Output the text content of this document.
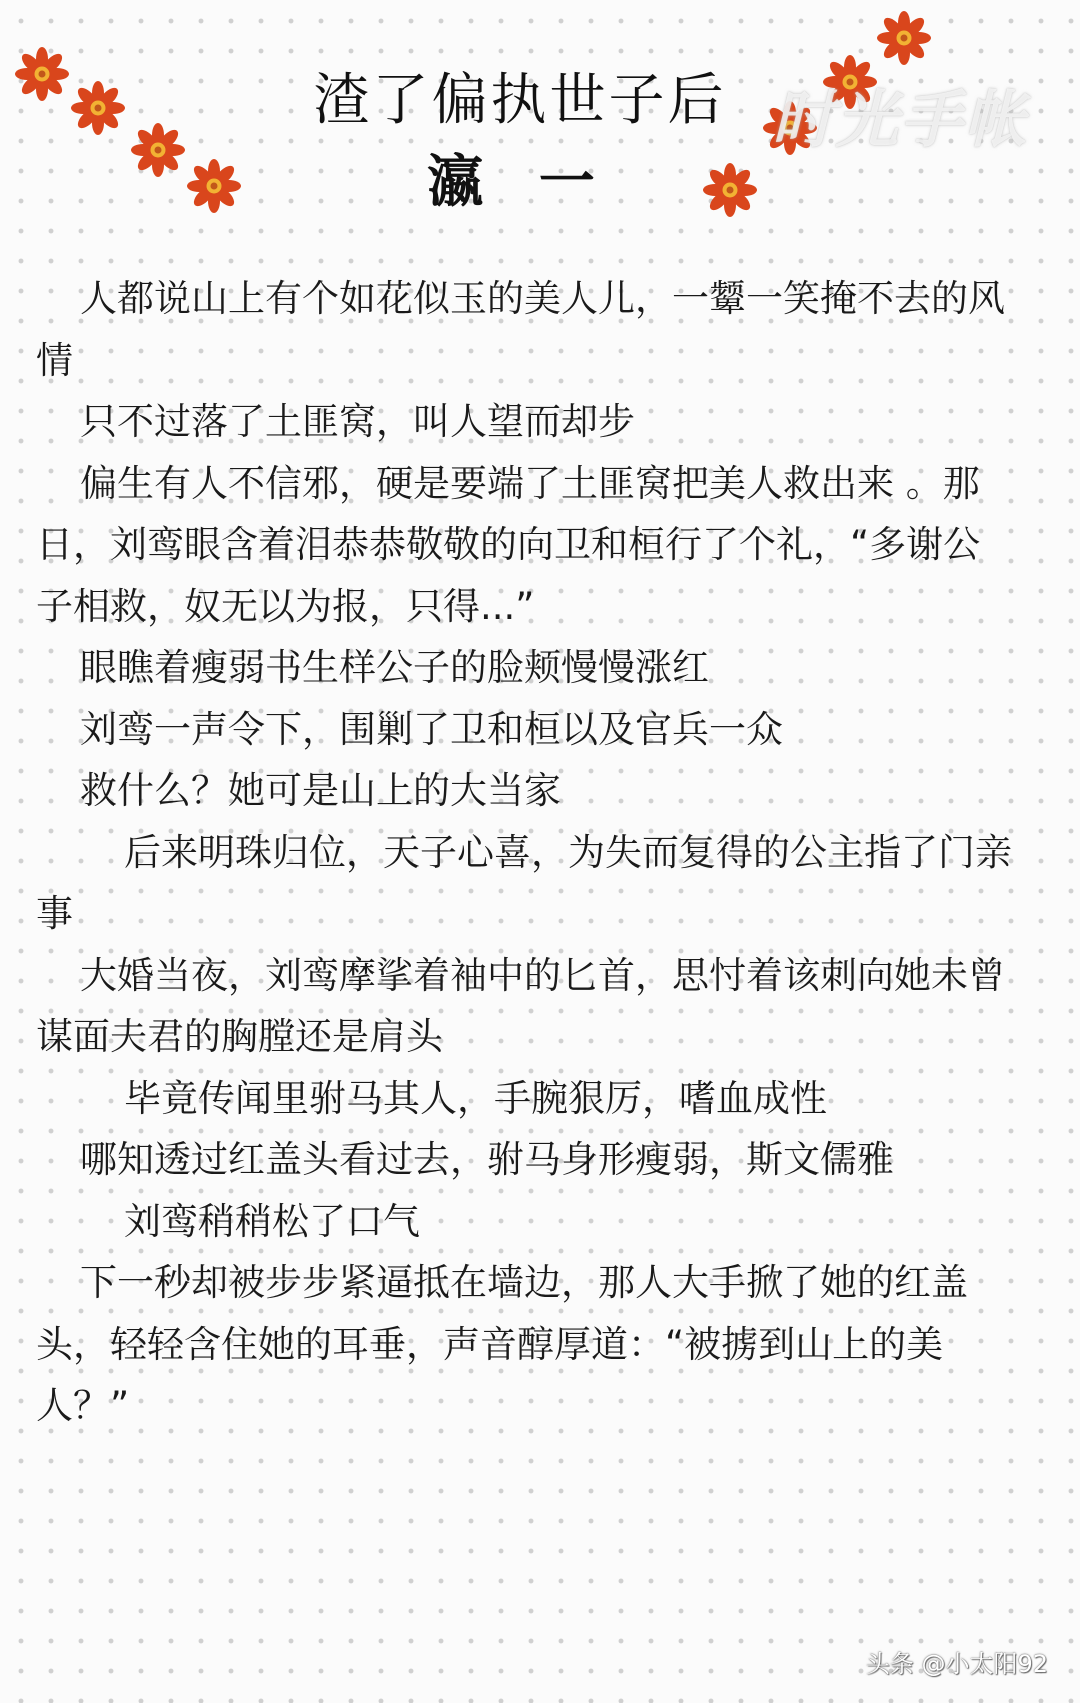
时光手帐
渣了偏执世子后
瀛 一

人都说山上有个如花似玉的美人儿，一颦一笑掩不去的风情

只不过落了土匪窝，叫人望而却步

偏生有人不信邪，硬是要端了土匪窝把美人救出来 。那日，刘鸾眼含着泪恭恭敬敬的向卫和桓行了个礼，“多谢公子相救，奴无以为报，只得...”

眼瞧着瘦弱书生样公子的脸颊慢慢涨红

刘鸾一声令下，围剿了卫和桓以及官兵一众

救什么？她可是山上的大当家

后来明珠归位，天子心喜，为失而复得的公主指了门亲事

大婚当夜，刘鸾摩挲着袖中的匕首，思忖着该刺向她未曾谋面夫君的胸膛还是肩头

毕竟传闻里驸马其人，手腕狠厉，嗜血成性

哪知透过红盖头看过去，驸马身形瘦弱，斯文儒雅

刘鸾稍稍松了口气

下一秒却被步步紧逼抵在墙边，那人大手掀了她的红盖头，轻轻含住她的耳垂，声音醇厚道：“被掳到山上的美人？”

头条 @小太阳92
